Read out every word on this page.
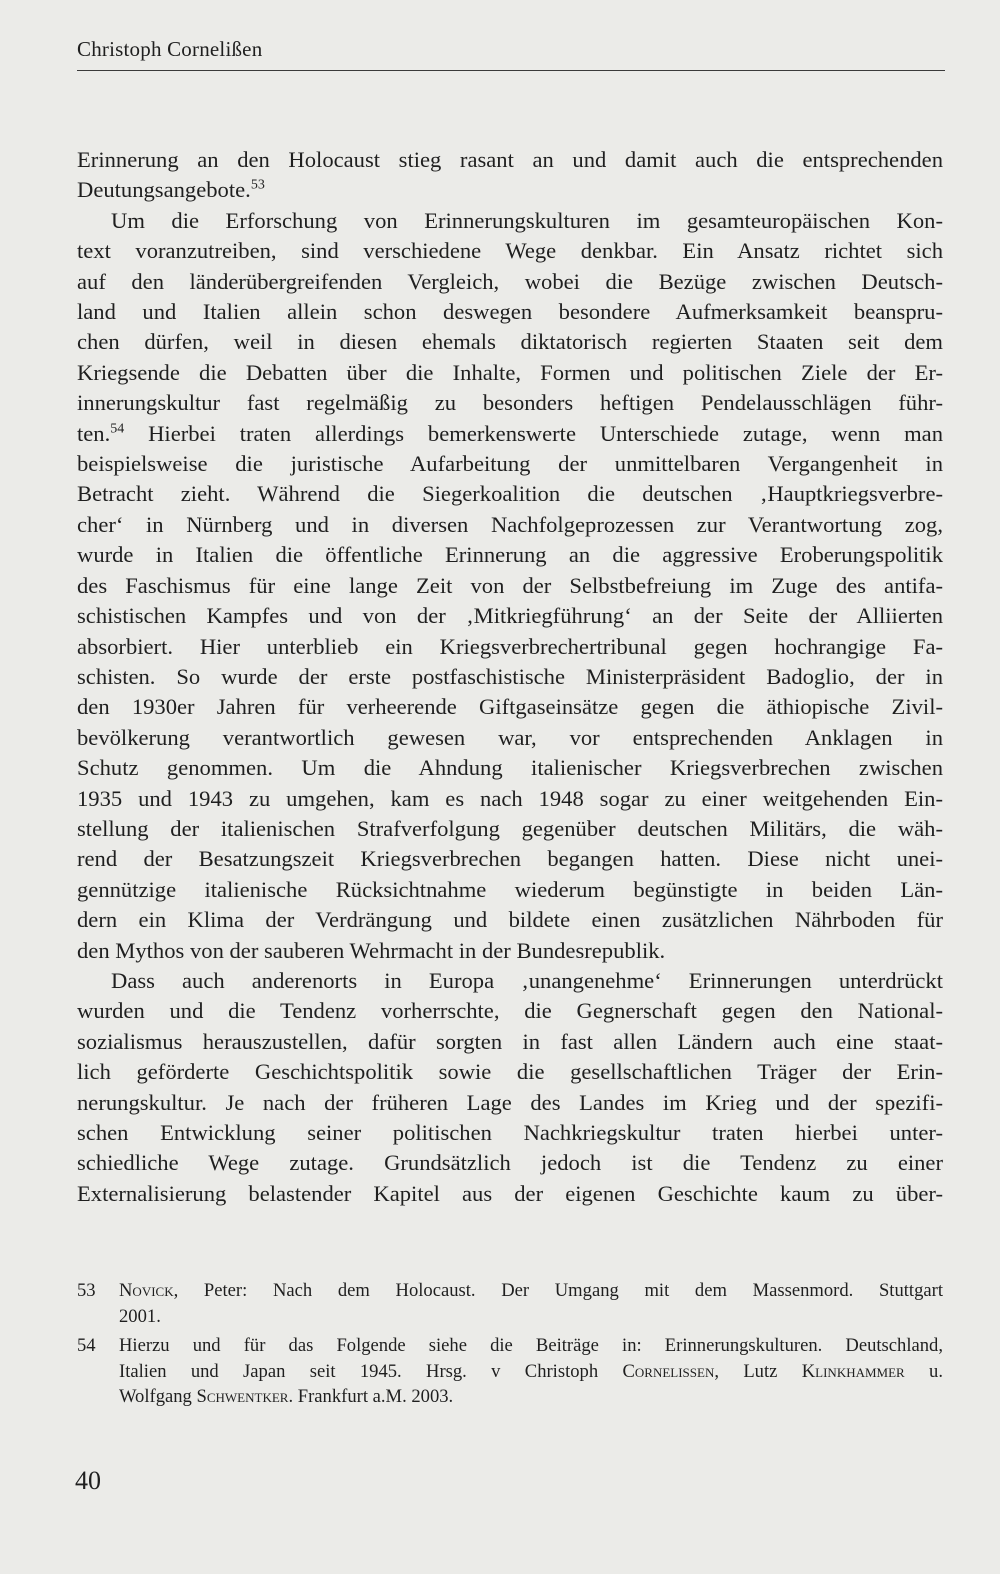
Christoph Cornelißen
Erinnerung an den Holocaust stieg rasant an und damit auch die entsprechenden
Deutungsangebote.$^{53}$
Um die Erforschung von Erinnerungskulturen im gesamteuropäischen Kon-
text voranzutreiben, sind verschiedene Wege denkbar. Ein Ansatz richtet sich
auf den länderübergreifenden Vergleich, wobei die Bezüge zwischen Deutsch-
land und Italien allein schon deswegen besondere Aufmerksamkeit beanspru-
chen dürfen, weil in diesen ehemals diktatorisch regierten Staaten seit dem
Kriegsende die Debatten über die Inhalte, Formen und politischen Ziele der Er-
innerungskultur fast regelmäßig zu besonders heftigen Pendelausschlägen führ-
ten.$^{54}$ Hierbei traten allerdings bemerkenswerte Unterschiede zutage, wenn man
beispielsweise die juristische Aufarbeitung der unmittelbaren Vergangenheit in
Betracht zieht. Während die Siegerkoalition die deutschen ‚Hauptkriegsverbre-
cher‘ in Nürnberg und in diversen Nachfolgeprozessen zur Verantwortung zog,
wurde in Italien die öffentliche Erinnerung an die aggressive Eroberungspolitik
des Faschismus für eine lange Zeit von der Selbstbefreiung im Zuge des antifa-
schistischen Kampfes und von der ‚Mitkriegführung‘ an der Seite der Alliierten
absorbiert. Hier unterblieb ein Kriegsverbrechertribunal gegen hochrangige Fa-
schisten. So wurde der erste postfaschistische Ministerpräsident Badoglio, der in
den 1930er Jahren für verheerende Giftgaseinsätze gegen die äthiopische Zivil-
bevölkerung verantwortlich gewesen war, vor entsprechenden Anklagen in
Schutz genommen. Um die Ahndung italienischer Kriegsverbrechen zwischen
1935 und 1943 zu umgehen, kam es nach 1948 sogar zu einer weitgehenden Ein-
stellung der italienischen Strafverfolgung gegenüber deutschen Militärs, die wäh-
rend der Besatzungszeit Kriegsverbrechen begangen hatten. Diese nicht unei-
gennützige italienische Rücksichtnahme wiederum begünstigte in beiden Län-
dern ein Klima der Verdrängung und bildete einen zusätzlichen Nährboden für
den Mythos von der sauberen Wehrmacht in der Bundesrepublik.
Dass auch anderenorts in Europa ‚unangenehme‘ Erinnerungen unterdrückt
wurden und die Tendenz vorherrschte, die Gegnerschaft gegen den National-
sozialismus herauszustellen, dafür sorgten in fast allen Ländern auch eine staat-
lich geförderte Geschichtspolitik sowie die gesellschaftlichen Träger der Erin-
nerungskultur. Je nach der früheren Lage des Landes im Krieg und der spezifi-
schen Entwicklung seiner politischen Nachkriegskultur traten hierbei unter-
schiedliche Wege zutage. Grundsätzlich jedoch ist die Tendenz zu einer
Externalisierung belastender Kapitel aus der eigenen Geschichte kaum zu über-
53	Novick, Peter: Nach dem Holocaust. Der Umgang mit dem Massenmord. Stuttgart
2001.
54	Hierzu und für das Folgende siehe die Beiträge in: Erinnerungskulturen. Deutschland,
Italien und Japan seit 1945. Hrsg. v Christoph Cornelißen, Lutz Klinkhammer u.
Wolfgang Schwentker. Frankfurt a.M. 2003.
40
